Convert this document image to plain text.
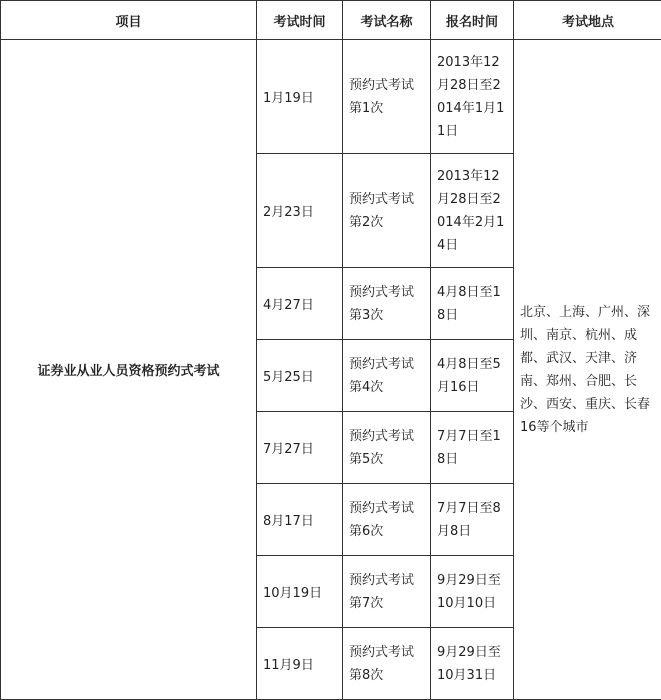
项目	考试时间	考试名称	报名时间	考试地点
证券业从业人员资格预约式考试	1月19日	预约式考试第1次	2013年12月28日至2014年1月11日	北京、上海、广州、深圳、南京、杭州、成都、武汉、天津、济南、郑州、合肥、长沙、西安、重庆、长春16等个城市
	2月23日	预约式考试第2次	2013年12月28日至2014年2月14日	
	4月27日	预约式考试第3次	4月8日至18日	
	5月25日	预约式考试第4次	4月8日至5月16日	
	7月27日	预约式考试第5次	7月7日至18日	
	8月17日	预约式考试第6次	7月7日至8月8日	
	10月19日	预约式考试第7次	9月29日至10月10日	
	11月9日	预约式考试第8次	9月29日至10月31日	
